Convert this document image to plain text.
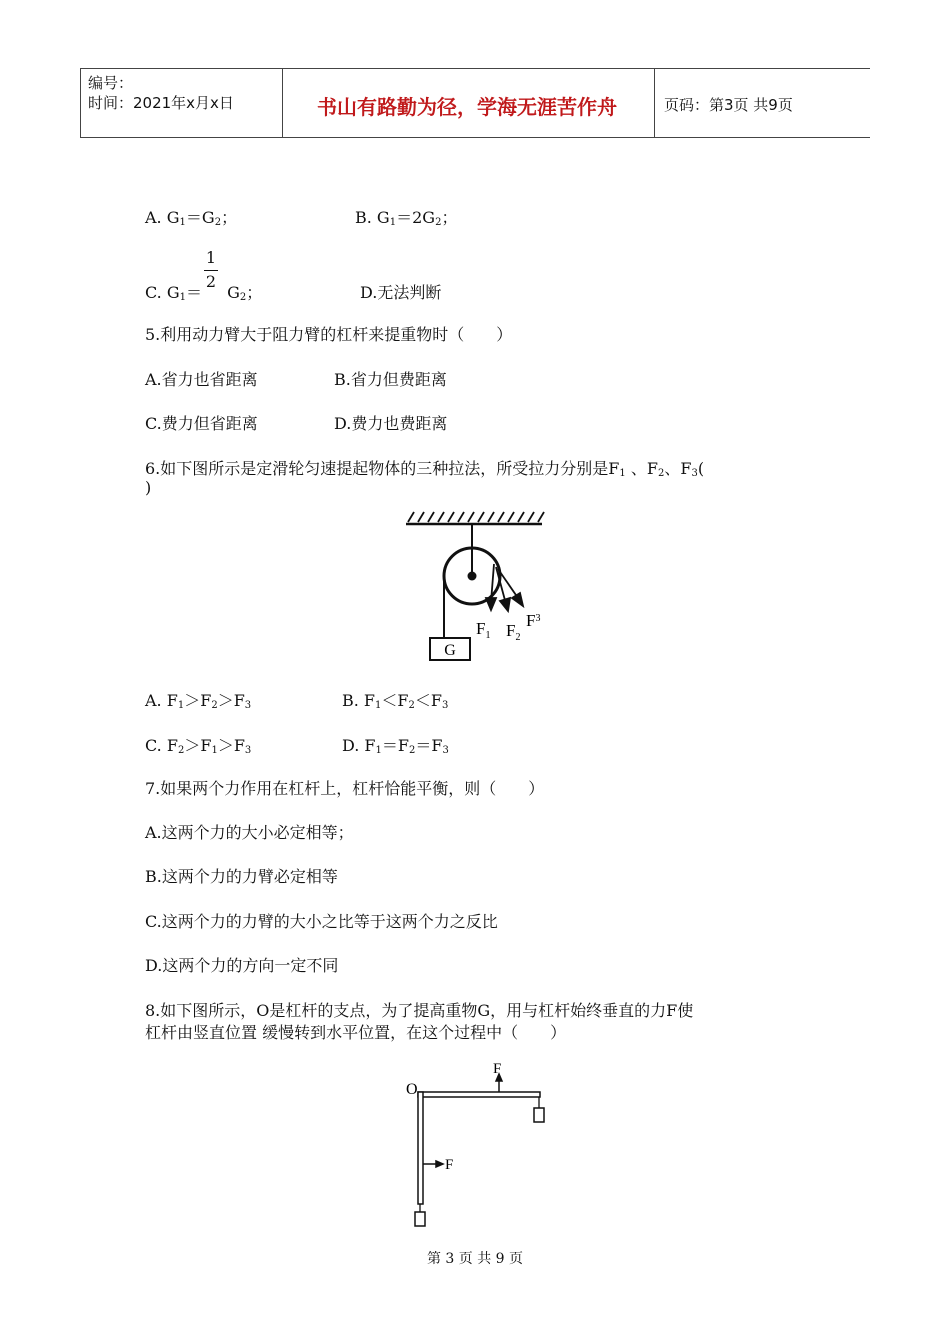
编号：
时间：2021年x月x日	书山有路勤为径，学海无涯苦作舟	页码：第3页 共9页
A. $G_1=G_2$；	B. $G_1=2G_2$；
1
2
C. $G_1= G_2$；	D.无法判断
5.利用动力臂大于阻力臂的杠杆来提重物时（　　）
A.省力也省距离	B.省力但费距离
C.费力但省距离	D.费力也费距离
6.如下图所示是定滑轮匀速提起物体的三种拉法，所受拉力分别是$F_1$ 、$F_2$、$F_3$(
)
G
$F_1$ $F_2$
$F^3$
A. $F_1>F_2>F_3$	B. $F_1<F_2<F_3$
C. $F_2>F_1>F_3$	D. $F_1=F_2=F_3$
7.如果两个力作用在杠杆上，杠杆恰能平衡，则（　　）
A.这两个力的大小必定相等；
B.这两个力的力臂必定相等
C.这两个力的力臂的大小之比等于这两个力之反比
D.这两个力的方向一定不同
8.如下图所示，O是杠杆的支点，为了提高重物G，用与杠杆始终垂直的力F使
杠杆由竖直位置 缓慢转到水平位置，在这个过程中（　　）
O
F
F
第 3 页 共 9 页
